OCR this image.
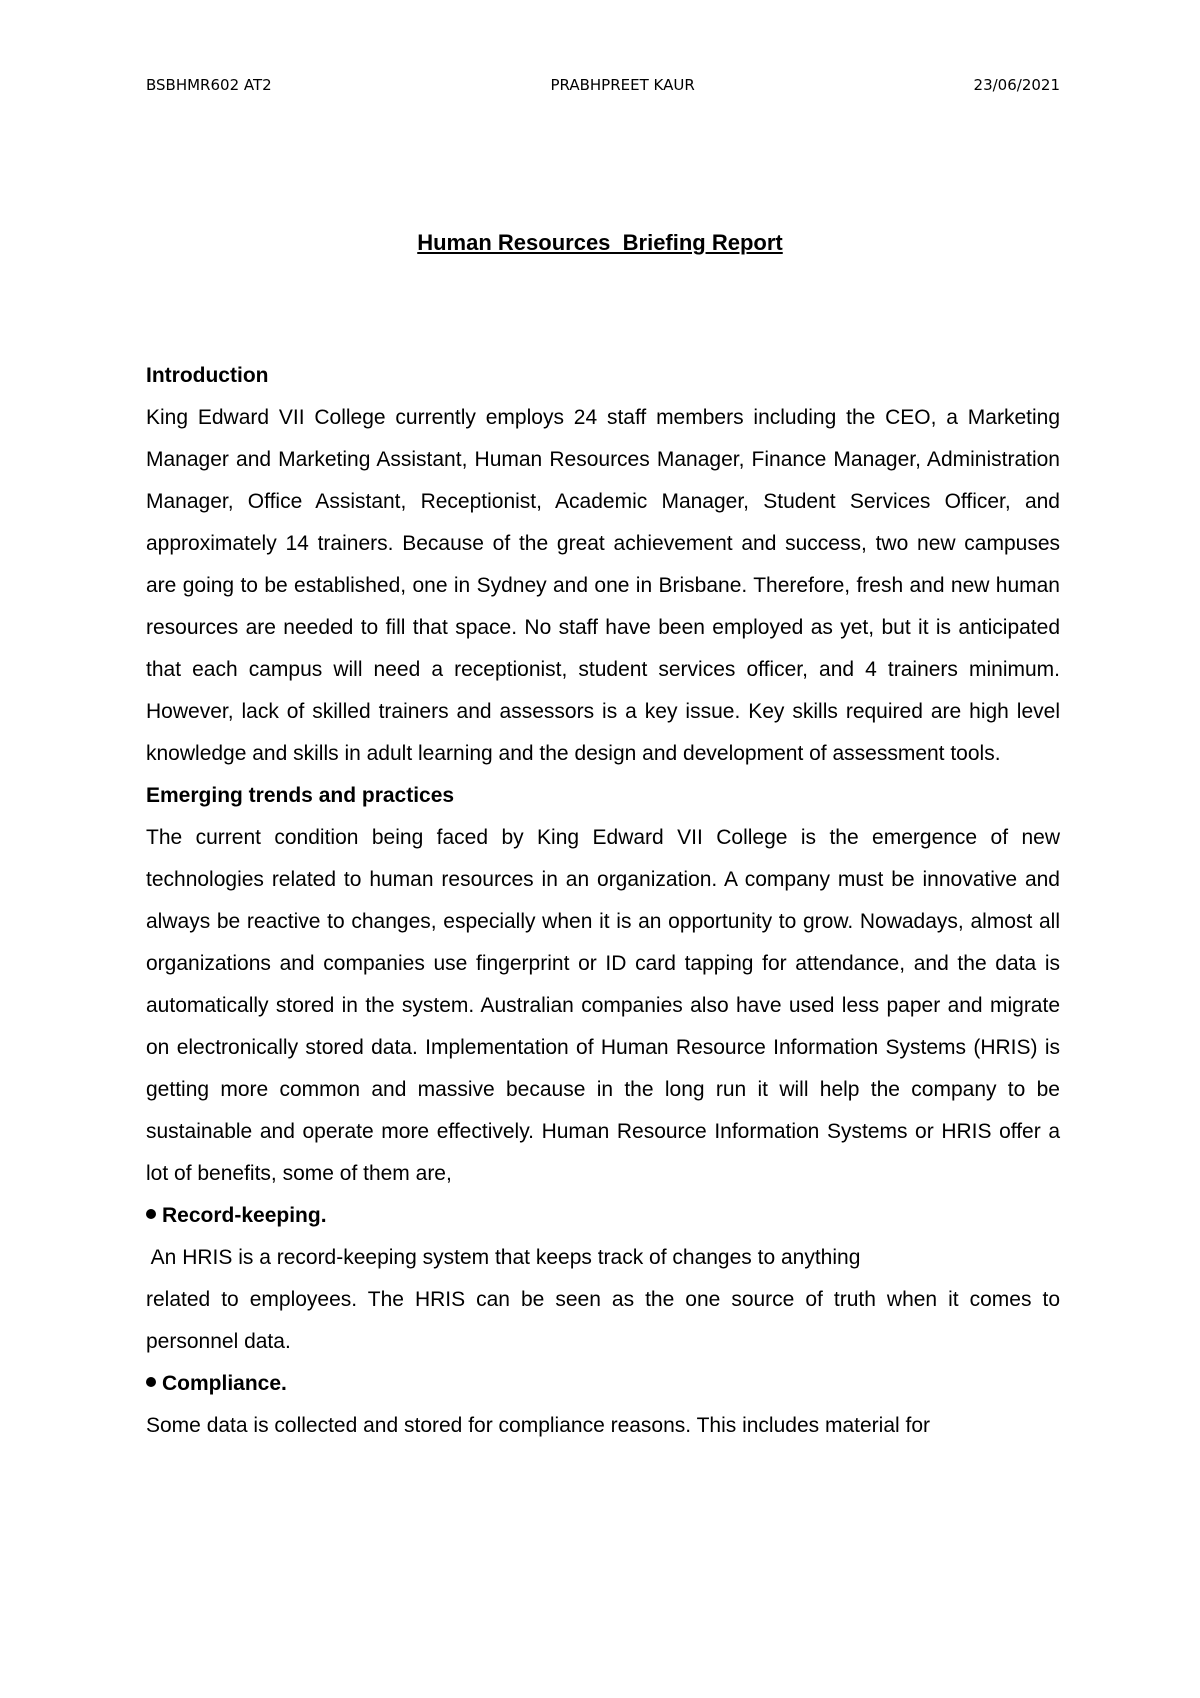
BSBHMR602 AT2	PRABHPREET KAUR	23/06/2021
Human Resources  Briefing Report
Introduction

King Edward VII College currently employs 24 staff members including the CEO, a Marketing Manager and Marketing Assistant, Human Resources Manager, Finance Manager, Administration Manager, Office Assistant, Receptionist, Academic Manager, Student Services Officer, and approximately 14 trainers. Because of the great achievement and success, two new campuses are going to be established, one in Sydney and one in Brisbane. Therefore, fresh and new human resources are needed to fill that space. No staff have been employed as yet, but it is anticipated that each campus will need a receptionist, student services officer, and 4 trainers minimum. However, lack of skilled trainers and assessors is a key issue. Key skills required are high level knowledge and skills in adult learning and the design and development of assessment tools.

Emerging trends and practices

The current condition being faced by King Edward VII College is the emergence of new technologies related to human resources in an organization. A company must be innovative and always be reactive to changes, especially when it is an opportunity to grow. Nowadays, almost all organizations and companies use fingerprint or ID card tapping for attendance, and the data is automatically stored in the system. Australian companies also have used less paper and migrate on electronically stored data. Implementation of Human Resource Information Systems (HRIS) is getting more common and massive because in the long run it will help the company to be sustainable and operate more effectively. Human Resource Information Systems or HRIS offer a lot of benefits, some of them are,

Record-keeping.

An HRIS is a record-keeping system that keeps track of changes to anything

related to employees. The HRIS can be seen as the one source of truth when it comes to personnel data.

Compliance.

Some data is collected and stored for compliance reasons. This includes material for
